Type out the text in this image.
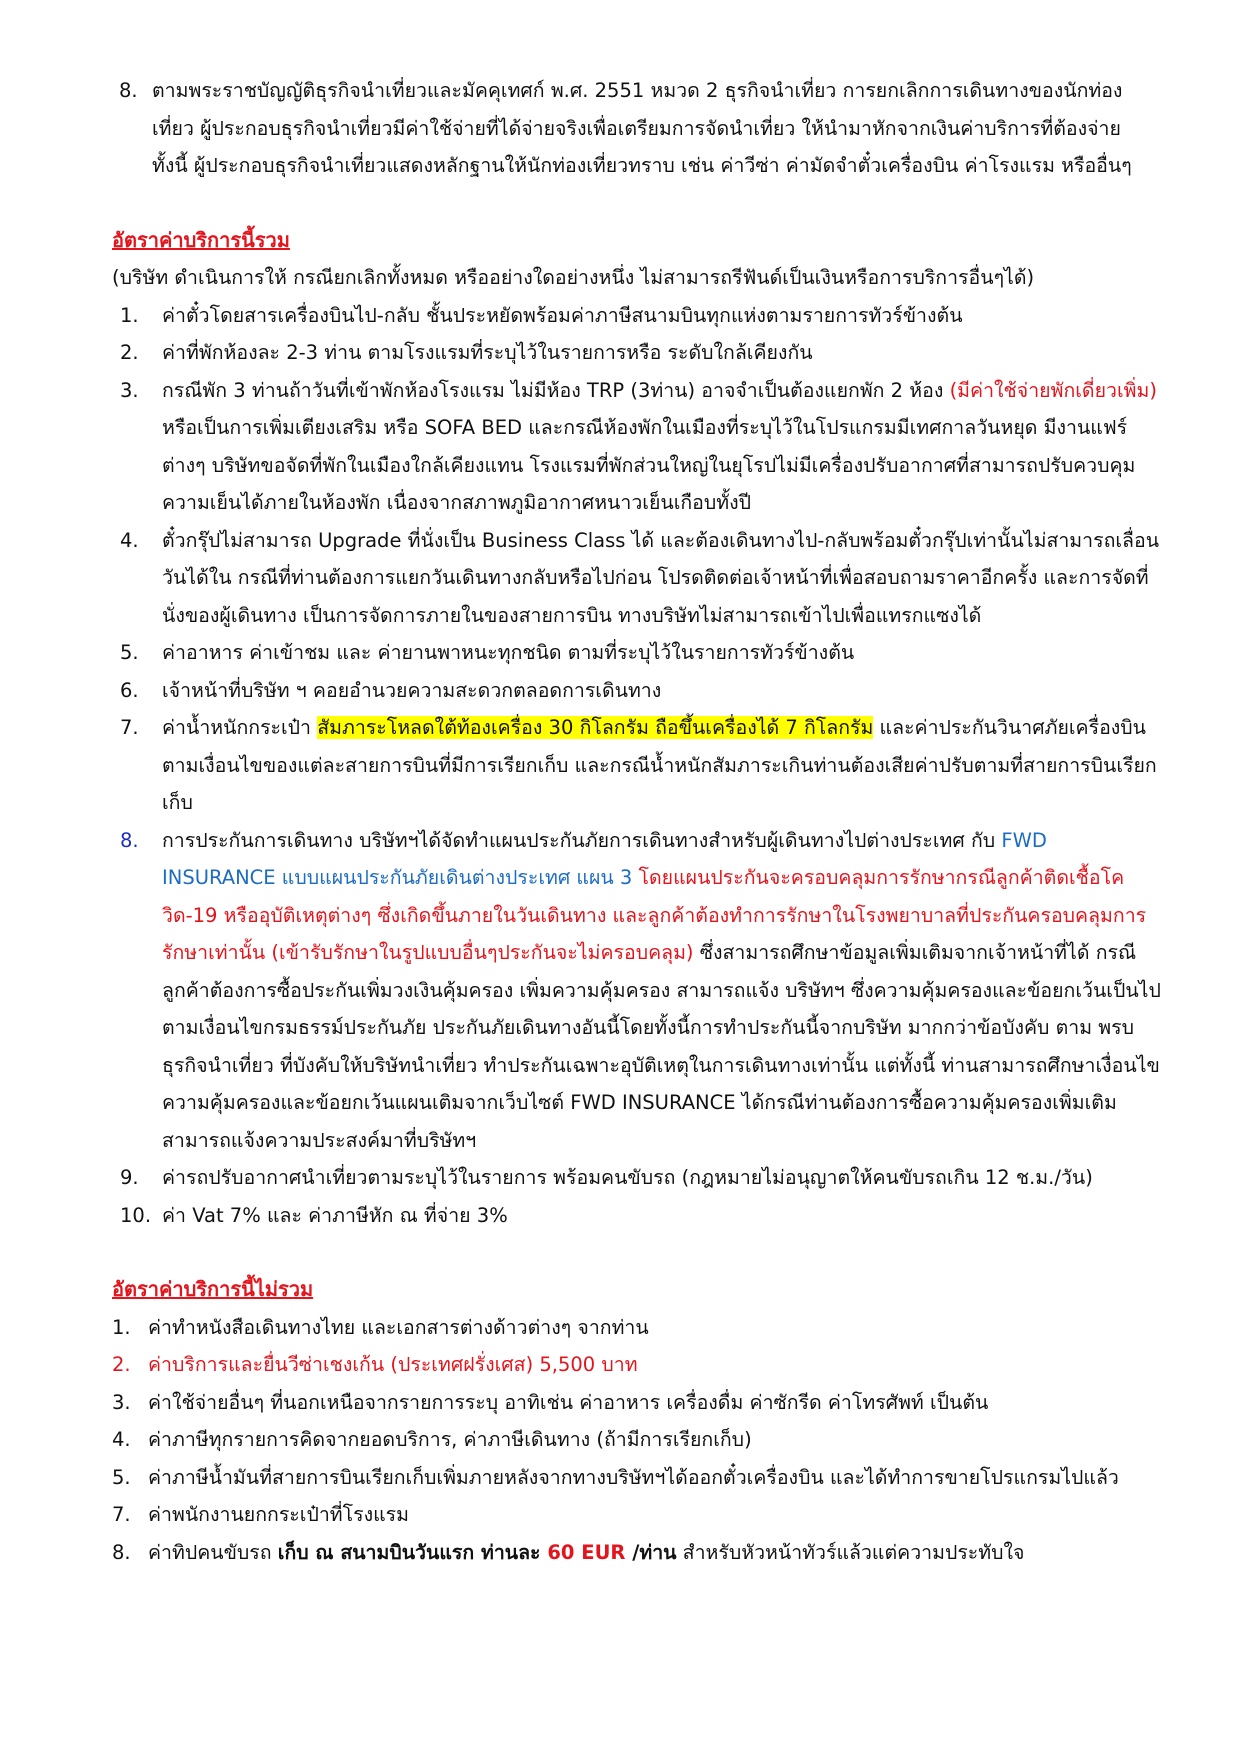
8. ตามพระราชบัญญัติธุรกิจนำเที่ยวและมัคคุเทศก์ พ.ศ. 2551 หมวด 2 ธุรกิจนำเที่ยว การยกเลิกการเดินทางของนักท่องเที่ยว ผู้ประกอบธุรกิจนำเที่ยวมีค่าใช้จ่ายที่ได้จ่ายจริงเพื่อเตรียมการจัดนำเที่ยว ให้นำมาหักจากเงินค่าบริการที่ต้องจ่าย ทั้งนี้ ผู้ประกอบธุรกิจนำเที่ยวแสดงหลักฐานให้นักท่องเที่ยวทราบ เช่น ค่าวีซ่า ค่ามัดจำตั๋วเครื่องบิน ค่าโรงแรม หรืออื่นๆ
อัตราค่าบริการนี้รวม
(บริษัท ดำเนินการให้ กรณียกเลิกทั้งหมด หรืออย่างใดอย่างหนึ่ง ไม่สามารถรีฟันด์เป็นเงินหรือการบริการอื่นๆได้)
1.	ค่าตั๋วโดยสารเครื่องบินไป-กลับ ชั้นประหยัดพร้อมค่าภาษีสนามบินทุกแห่งตามรายการทัวร์ข้างต้น
2.	ค่าที่พักห้องละ 2-3 ท่าน ตามโรงแรมที่ระบุไว้ในรายการหรือ ระดับใกล้เคียงกัน
3.	กรณีพัก 3 ท่านถ้าวันที่เข้าพักห้องโรงแรม ไม่มีห้อง TRP (3ท่าน) อาจจำเป็นต้องแยกพัก 2 ห้อง (มีค่าใช้จ่ายพักเดี่ยวเพิ่ม) หรือเป็นการเพิ่มเตียงเสริม หรือ SOFA BED และกรณีห้องพักในเมืองที่ระบุไว้ในโปรแกรมมีเทศกาลวันหยุด มีงานแฟร์ต่างๆ บริษัทขอจัดที่พักในเมืองใกล้เคียงแทน โรงแรมที่พักส่วนใหญ่ในยุโรปไม่มีเครื่องปรับอากาศที่สามารถปรับควบคุมความเย็นได้ภายในห้องพัก เนื่องจากสภาพภูมิอากาศหนาวเย็นเกือบทั้งปี
4.	ตั๋วกรุ๊ปไม่สามารถ Upgrade ที่นั่งเป็น Business Class ได้ และต้องเดินทางไป-กลับพร้อมตั๋วกรุ๊ปเท่านั้นไม่สามารถเลื่อนวันได้ใน กรณีที่ท่านต้องการแยกวันเดินทางกลับหรือไปก่อน โปรดติดต่อเจ้าหน้าที่เพื่อสอบถามราคาอีกครั้ง และการจัดที่นั่งของผู้เดินทาง เป็นการจัดการภายในของสายการบิน ทางบริษัทไม่สามารถเข้าไปเพื่อแทรกแซงได้
5.	ค่าอาหาร ค่าเข้าชม และ ค่ายานพาหนะทุกชนิด ตามที่ระบุไว้ในรายการทัวร์ข้างต้น
6.	เจ้าหน้าที่บริษัท ฯ คอยอำนวยความสะดวกตลอดการเดินทาง
7.	ค่าน้ำหนักกระเป๋า สัมภาระโหลดใต้ท้องเครื่อง 30 กิโลกรัม ถือขึ้นเครื่องได้ 7 กิโลกรัม และค่าประกันวินาศภัยเครื่องบินตามเงื่อนไขของแต่ละสายการบินที่มีการเรียกเก็บ และกรณีน้ำหนักสัมภาระเกินท่านต้องเสียค่าปรับตามที่สายการบินเรียกเก็บ
8.	การประกันการเดินทาง บริษัทฯได้จัดทำแผนประกันภัยการเดินทางสำหรับผู้เดินทางไปต่างประเทศ กับ FWD INSURANCE แบบแผนประกันภัยเดินต่างประเทศ แผน 3 โดยแผนประกันจะครอบคลุมการรักษากรณีลูกค้าติดเชื้อโควิด-19 หรืออุบัติเหตุต่างๆ ซึ่งเกิดขึ้นภายในวันเดินทาง และลูกค้าต้องทำการรักษาในโรงพยาบาลที่ประกันครอบคลุมการรักษาเท่านั้น (เข้ารับรักษาในรูปแบบอื่นๆประกันจะไม่ครอบคลุม) ซึ่งสามารถศึกษาข้อมูลเพิ่มเติมจากเจ้าหน้าที่ได้ กรณีลูกค้าต้องการซื้อประกันเพิ่มวงเงินคุ้มครอง เพิ่มความคุ้มครอง สามารถแจ้ง บริษัทฯ ซึ่งความคุ้มครองและข้อยกเว้นเป็นไปตามเงื่อนไขกรมธรรม์ประกันภัย ประกันภัยเดินทางอันนี้โดยทั้งนี้การทำประกันนี้จากบริษัท มากกว่าข้อบังคับ ตาม พรบ ธุรกิจนำเที่ยว ที่บังคับให้บริษัทนำเที่ยว ทำประกันเฉพาะอุบัติเหตุในการเดินทางเท่านั้น แต่ทั้งนี้ ท่านสามารถศึกษาเงื่อนไขความคุ้มครองและข้อยกเว้นแผนเติมจากเว็บไซต์ FWD INSURANCE ได้กรณีท่านต้องการซื้อความคุ้มครองเพิ่มเติมสามารถแจ้งความประสงค์มาที่บริษัทฯ
9.	ค่ารถปรับอากาศนำเที่ยวตามระบุไว้ในรายการ พร้อมคนขับรถ (กฎหมายไม่อนุญาตให้คนขับรถเกิน 12 ช.ม./วัน)
10. ค่า Vat 7% และ ค่าภาษีหัก ณ ที่จ่าย 3%
อัตราค่าบริการนี้ไม่รวม
1. ค่าทำหนังสือเดินทางไทย และเอกสารต่างด้าวต่างๆ จากท่าน
2. ค่าบริการและยื่นวีซ่าเชงเก้น (ประเทศฝรั่งเศส) 5,500 บาท
3. ค่าใช้จ่ายอื่นๆ ที่นอกเหนือจากรายการระบุ อาทิเช่น ค่าอาหาร เครื่องดื่ม ค่าซักรีด ค่าโทรศัพท์ เป็นต้น
4. ค่าภาษีทุกรายการคิดจากยอดบริการ, ค่าภาษีเดินทาง (ถ้ามีการเรียกเก็บ)
5. ค่าภาษีน้ำมันที่สายการบินเรียกเก็บเพิ่มภายหลังจากทางบริษัทฯได้ออกตั๋วเครื่องบิน และได้ทำการขายโปรแกรมไปแล้ว
7. ค่าพนักงานยกกระเป๋าที่โรงแรม
8. ค่าทิปคนขับรถ เก็บ ณ สนามบินวันแรก ท่านละ 60 EUR /ท่าน สำหรับหัวหน้าทัวร์แล้วแต่ความประทับใจ
